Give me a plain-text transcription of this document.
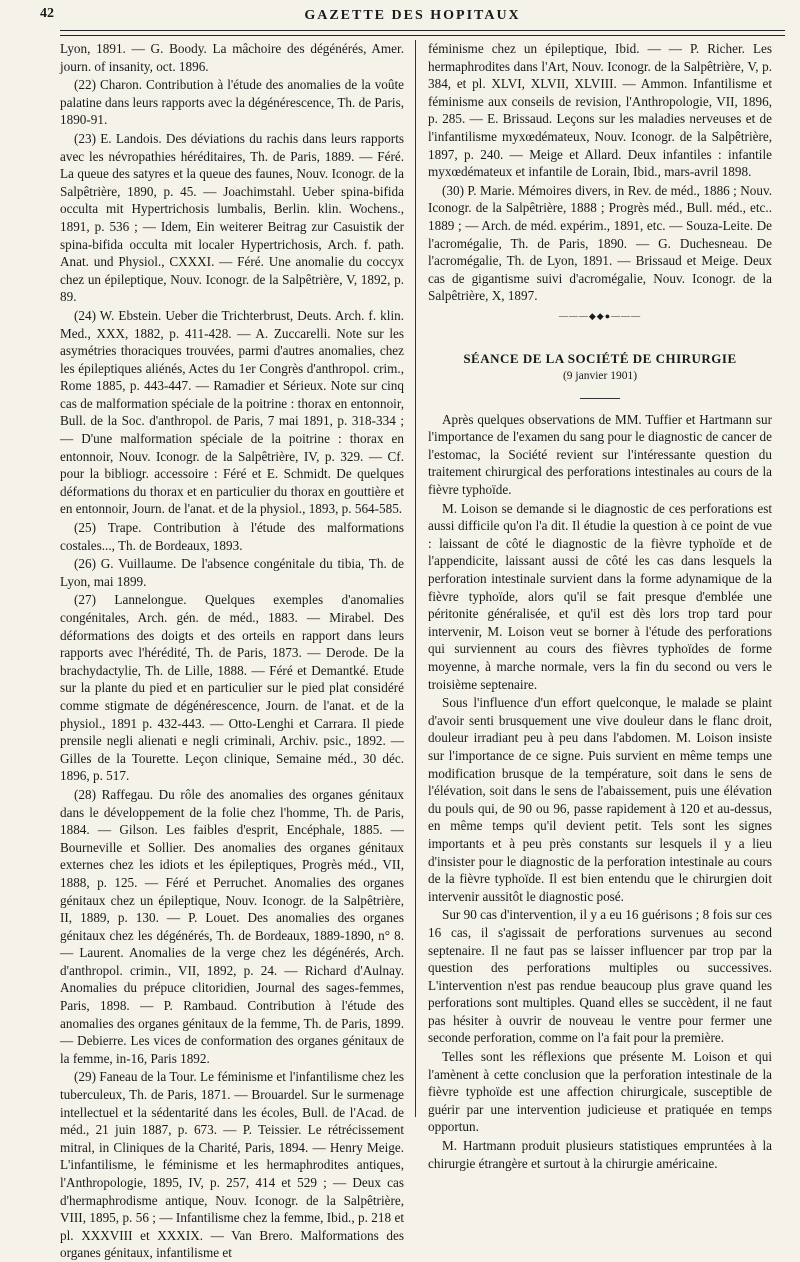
42	GAZETTE DES HOPITAUX

Lyon, 1891. — G. Boody. La mâchoire des dégénérés, Amer. journ. of insanity, oct. 1896.

(22) Charon. Contribution à l'étude des anomalies de la voûte palatine dans leurs rapports avec la dégénérescence, Th. de Paris, 1890-91.

(23) E. Landois. Des déviations du rachis dans leurs rapports avec les névropathies héréditaires, Th. de Paris, 1889. — Féré. La queue des satyres et la queue des faunes, Nouv. Iconogr. de la Salpêtrière, 1890, p. 45. — Joachimstahl. Ueber spina-bifida occulta mit Hypertrichosis lumbalis, Berlin. klin. Wochens., 1891, p. 536 ; — Idem, Ein weiterer Beitrag zur Casuistik der spina-bifida occulta mit localer Hypertrichosis, Arch. f. path. Anat. und Physiol., CXXXI. — Féré. Une anomalie du coccyx chez un épileptique, Nouv. Iconogr. de la Salpêtrière, V, 1892, p. 89.

(24) W. Ebstein. Ueber die Trichterbrust, Deuts. Arch. f. klin. Med., XXX, 1882, p. 411-428. — A. Zuccarelli. Note sur les asymétries thoraciques trouvées, parmi d'autres anomalies, chez les épileptiques aliénés, Actes du 1er Congrès d'anthropol. crim., Rome 1885, p. 443-447. — Ramadier et Sérieux. Note sur cinq cas de malformation spéciale de la poitrine : thorax en entonnoir, Bull. de la Soc. d'anthropol. de Paris, 7 mai 1891, p. 318-334 ; — D'une malformation spéciale de la poitrine : thorax en entonnoir, Nouv. Iconogr. de la Salpêtrière, IV, p. 329. — Cf. pour la bibliogr. accessoire : Féré et E. Schmidt. De quelques déformations du thorax et en particulier du thorax en gouttière et en entonnoir, Journ. de l'anat. et de la physiol., 1893, p. 564-585.

(25) Trape. Contribution à l'étude des malformations costales..., Th. de Bordeaux, 1893.

(26) G. Vuillaume. De l'absence congénitale du tibia, Th. de Lyon, mai 1899.

(27) Lannelongue. Quelques exemples d'anomalies congénitales, Arch. gén. de méd., 1883. — Mirabel. Des déformations des doigts et des orteils en rapport dans leurs rapports avec l'hérédité, Th. de Paris, 1873. — Derode. De la brachydactylie, Th. de Lille, 1888. — Féré et Demantké. Etude sur la plante du pied et en particulier sur le pied plat considéré comme stigmate de dégénérescence, Journ. de l'anat. et de la physiol., 1891 p. 432-443. — Otto-Lenghi et Carrara. Il piede prensile negli alienati e negli criminali, Archiv. psic., 1892. — Gilles de la Tourette. Leçon clinique, Semaine méd., 30 déc. 1896, p. 517.

(28) Raffegau. Du rôle des anomalies des organes génitaux dans le développement de la folie chez l'homme, Th. de Paris, 1884. — Gilson. Les faibles d'esprit, Encéphale, 1885. — Bourneville et Sollier. Des anomalies des organes génitaux externes chez les idiots et les épileptiques, Progrès méd., VII, 1888, p. 125. — Féré et Perruchet. Anomalies des organes génitaux chez un épileptique, Nouv. Iconogr. de la Salpêtrière, II, 1889, p. 130. — P. Louet. Des anomalies des organes génitaux chez les dégénérés, Th. de Bordeaux, 1889-1890, n° 8. — Laurent. Anomalies de la verge chez les dégénérés, Arch. d'anthropol. crimin., VII, 1892, p. 24. — Richard d'Aulnay. Anomalies du prépuce clitoridien, Journal des sages-femmes, Paris, 1898. — P. Rambaud. Contribution à l'étude des anomalies des organes génitaux de la femme, Th. de Paris, 1899. — Debierre. Les vices de conformation des organes génitaux de la femme, in-16, Paris 1892.

(29) Faneau de la Tour. Le féminisme et l'infantilisme chez les tuberculeux, Th. de Paris, 1871. — Brouardel. Sur le surmenage intellectuel et la sédentarité dans les écoles, Bull. de l'Acad. de méd., 21 juin 1887, p. 673. — P. Teissier. Le rétrécissement mitral, in Cliniques de la Charité, Paris, 1894. — Henry Meige. L'infantilisme, le féminisme et les hermaphrodites antiques, l'Anthropologie, 1895, IV, p. 257, 414 et 529 ; — Deux cas d'hermaphrodisme antique, Nouv. Iconogr. de la Salpêtrière, VIII, 1895, p. 56 ; — Infantilisme chez la femme, Ibid., p. 218 et pl. XXXVIII et XXXIX. — Van Brero. Malformations des organes génitaux, infantilisme et

féminisme chez un épileptique, Ibid. — — P. Richer. Les hermaphrodites dans l'Art, Nouv. Iconogr. de la Salpêtrière, V, p. 384, et pl. XLVI, XLVII, XLVIII. — Ammon. Infantilisme et féminisme aux conseils de revision, l'Anthropologie, VII, 1896, p. 285. — E. Brissaud. Leçons sur les maladies nerveuses et de l'infantilisme myxœdémateux, Nouv. Iconogr. de la Salpêtrière, 1897, p. 240. — Meige et Allard. Deux infantiles : infantile myxœdémateux et infantile de Lorain, Ibid., mars-avril 1898.

(30) P. Marie. Mémoires divers, in Rev. de méd., 1886 ; Nouv. Iconogr. de la Salpêtrière, 1888 ; Progrès méd., Bull. méd., etc.. 1889 ; — Arch. de méd. expérim., 1891, etc. — Souza-Leite. De l'acromégalie, Th. de Paris, 1890. — G. Duchesneau. De l'acromégalie, Th. de Lyon, 1891. — Brissaud et Meige. Deux cas de gigantisme suivi d'acromégalie, Nouv. Iconogr. de la Salpêtrière, X, 1897.

———◆◆●———
SÉANCE DE LA SOCIÉTÉ DE CHIRURGIE
(9 janvier 1901)

Après quelques observations de MM. Tuffier et Hartmann sur l'importance de l'examen du sang pour le diagnostic de cancer de l'estomac, la Société revient sur l'intéressante question du traitement chirurgical des perforations intestinales au cours de la fièvre typhoïde.

M. Loison se demande si le diagnostic de ces perforations est aussi difficile qu'on l'a dit. Il étudie la question à ce point de vue : laissant de côté le diagnostic de la fièvre typhoïde et de l'appendicite, laissant aussi de côté les cas dans lesquels la perforation intestinale survient dans la forme adynamique de la fièvre typhoïde, alors qu'il se fait presque d'emblée une péritonite généralisée, et qu'il est dès lors trop tard pour intervenir, M. Loison veut se borner à l'étude des perforations qui surviennent au cours des fièvres typhoïdes de forme moyenne, à marche normale, vers la fin du second ou vers le troisième septenaire.

Sous l'influence d'un effort quelconque, le malade se plaint d'avoir senti brusquement une vive douleur dans le flanc droit, douleur irradiant peu à peu dans l'abdomen. M. Loison insiste sur l'importance de ce signe. Puis survient en même temps une modification brusque de la température, soit dans le sens de l'élévation, soit dans le sens de l'abaissement, puis une élévation du pouls qui, de 90 ou 96, passe rapidement à 120 et au-dessus, en même temps qu'il devient petit. Tels sont les signes importants et à peu près constants sur lesquels il y a lieu d'insister pour le diagnostic de la perforation intestinale au cours de la fièvre typhoïde. Il est bien entendu que le chirurgien doit intervenir aussitôt le diagnostic posé.

Sur 90 cas d'intervention, il y a eu 16 guérisons ; 8 fois sur ces 16 cas, il s'agissait de perforations survenues au second septenaire. Il ne faut pas se laisser influencer par trop par la question des perforations multiples ou successives. L'intervention n'est pas rendue beaucoup plus grave quand les perforations sont multiples. Quand elles se succèdent, il ne faut pas hésiter à ouvrir de nouveau le ventre pour fermer une seconde perforation, comme on l'a fait pour la première.

Telles sont les réflexions que présente M. Loison et qui l'amènent à cette conclusion que la perforation intestinale de la fièvre typhoïde est une affection chirurgicale, susceptible de guérir par une intervention judicieuse et pratiquée en temps opportun.

M. Hartmann produit plusieurs statistiques empruntées à la chirurgie étrangère et surtout à la chirurgie américaine.
